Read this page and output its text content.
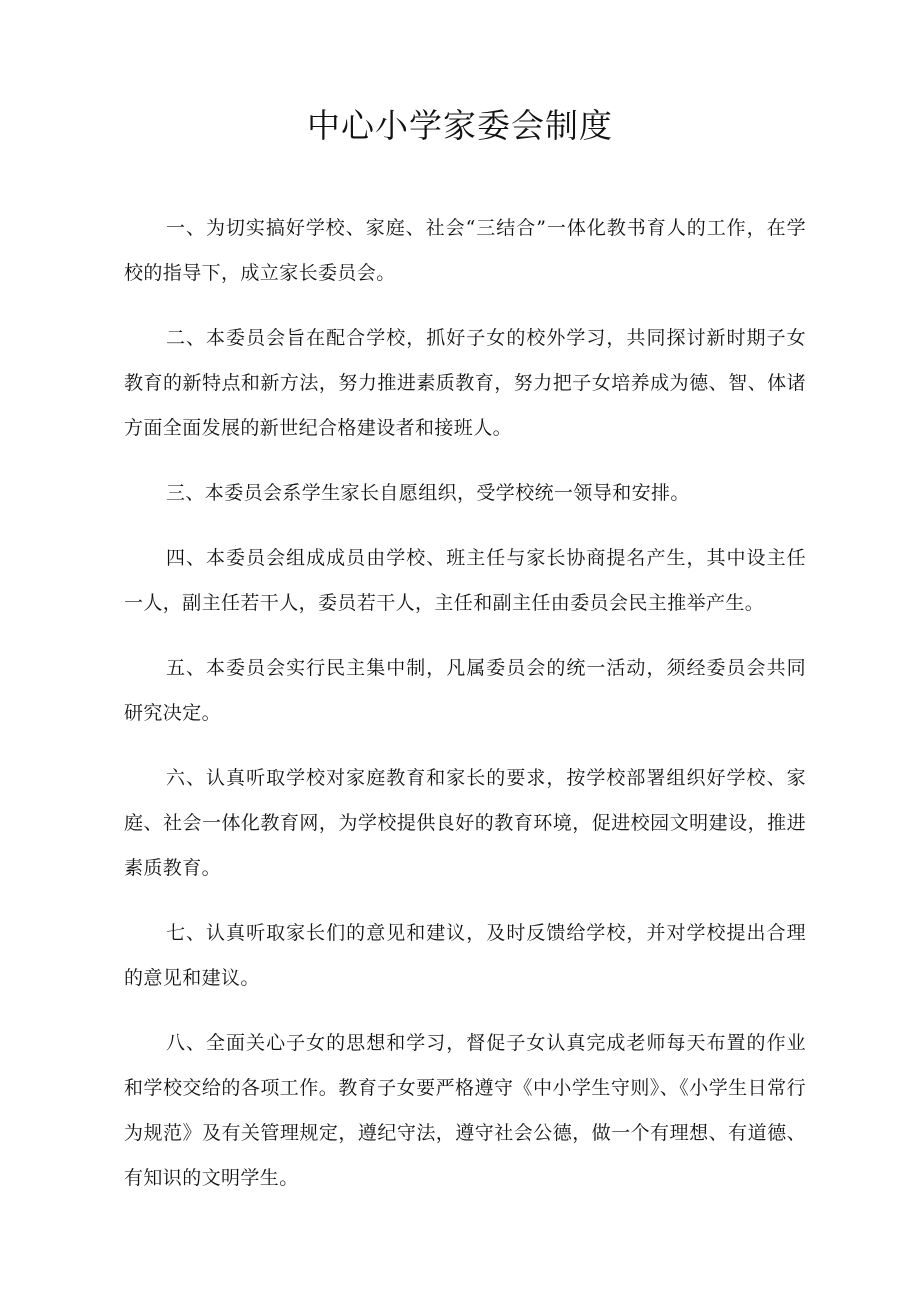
中心小学家委会制度

一、为切实搞好学校、家庭、社会“三结合”一体化教书育人的工作，在学校的指导下，成立家长委员会。

二、本委员会旨在配合学校，抓好子女的校外学习，共同探讨新时期子女教育的新特点和新方法，努力推进素质教育，努力把子女培养成为德、智、体诸方面全面发展的新世纪合格建设者和接班人。

三、本委员会系学生家长自愿组织，受学校统一领导和安排。

四、本委员会组成成员由学校、班主任与家长协商提名产生，其中设主任一人，副主任若干人，委员若干人，主任和副主任由委员会民主推举产生。

五、本委员会实行民主集中制，凡属委员会的统一活动，须经委员会共同研究决定。

六、认真听取学校对家庭教育和家长的要求，按学校部署组织好学校、家庭、社会一体化教育网，为学校提供良好的教育环境，促进校园文明建设，推进素质教育。

七、认真听取家长们的意见和建议，及时反馈给学校，并对学校提出合理的意见和建议。

八、全面关心子女的思想和学习，督促子女认真完成老师每天布置的作业和学校交给的各项工作。教育子女要严格遵守《中小学生守则》、《小学生日常行为规范》及有关管理规定，遵纪守法，遵守社会公德，做一个有理想、有道德、有知识的文明学生。
